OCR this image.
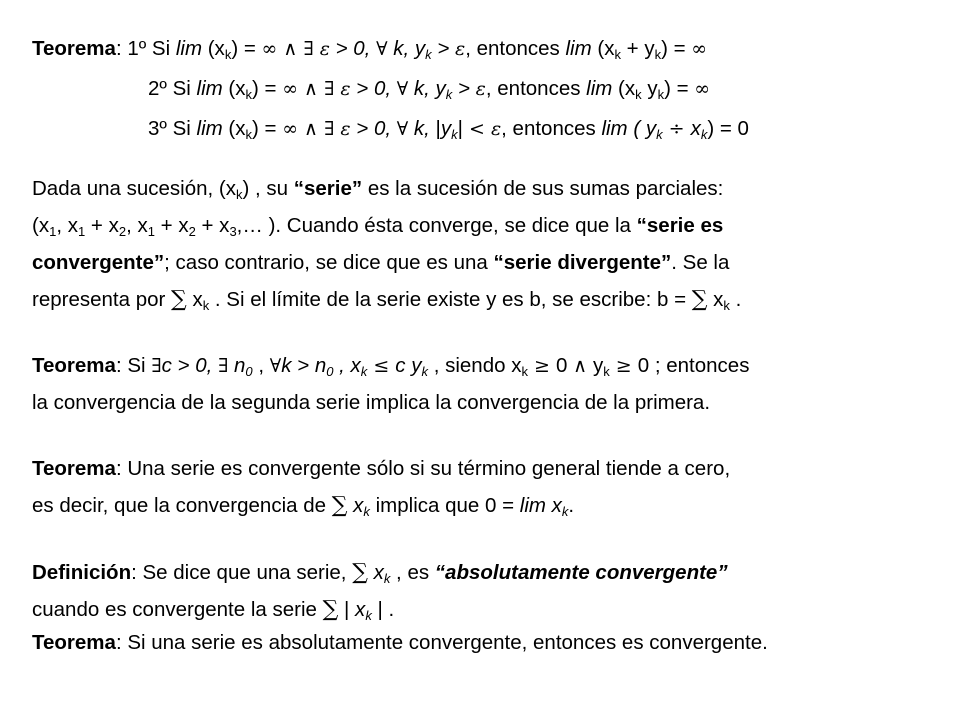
Teorema: 1º Si $\lim (x_k)$ = ∞ ∧ ∃ ε > 0, ∀ k, $y_k > \varepsilon$, entonces $\lim (x_k + y_k)$ = ∞
2º Si $\lim (x_k)$ = ∞ ∧ ∃ ε > 0, ∀ k, $y_k > \varepsilon$, entonces $\lim (x_k$ $y_k$) = ∞
3º Si $\lim (x_k)$ = ∞ ∧ ∃ ε > 0, ∀ k, $|y_k| < \varepsilon$, entonces lim ( $y_k \div x_k) = 0$
Dada una sucesión, $(x_k)$ , su “serie” es la sucesión de sus sumas parciales:
($x_1$, $x_1 + x_2$, $x_1 + x_2$ + $x_3,\dots$ ). Cuando ésta converge, se dice que la “serie es
convergente”; caso contrario, se dice que es una “serie divergente”. Se la
representa por ∑ $x_k$ . Si el límite de la serie existe y es b, se escribe: b = ∑ $x_k$ .
Teorema: Si ∃c > 0, ∃ $n_0$ , ∀k > $n_0$ , $x_k \le c$ $y_k$ , siendo $x_k \ge 0$ ∧ $y_k \ge 0$ ; entonces
la convergencia de la segunda serie implica la convergencia de la primera.
Teorema: Una serie es convergente sólo si su término general tiende a cero,
es decir, que la convergencia de ∑ $x_k$ implica que $0 = \lim x_k$.
Definición: Se dice que una serie, ∑ $x_k$ , es “absolutamente convergente”
cuando es convergente la serie ∑ | $x_k$ | .
Teorema: Si una serie es absolutamente convergente, entonces es convergente.
